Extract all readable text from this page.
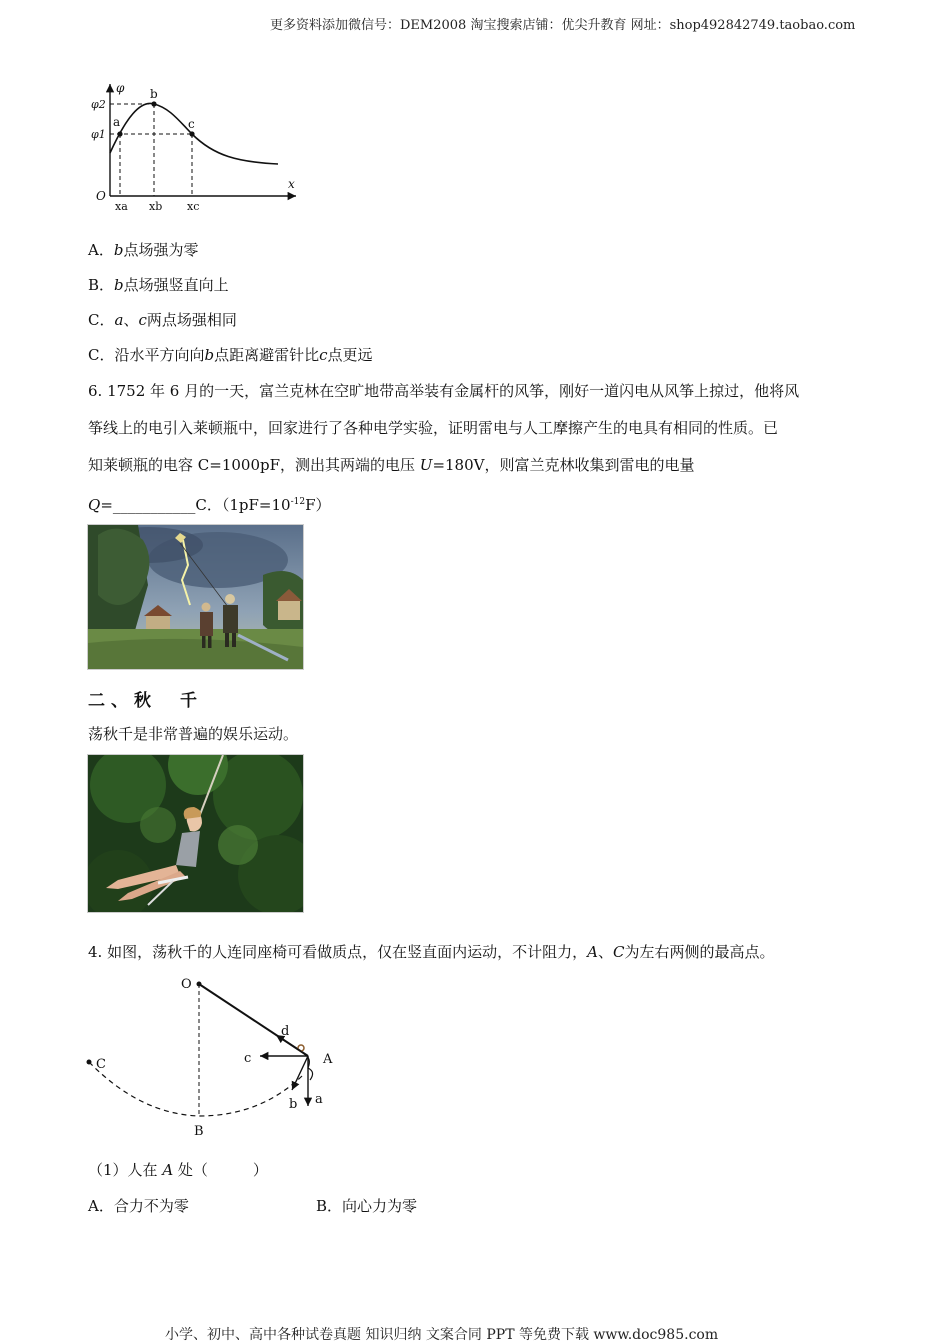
更多资料添加微信号：DEM2008 淘宝搜索店铺：优尖升教育 网址：shop492842749.taobao.com
φ
x
O
φ2
φ1
a
b
c
xa xb xc
A．b点场强为零
B．b点场强竖直向上
C．a、c两点场强相同
C．沿水平方向向b点距离避雷针比c点更远
6. 1752 年 6 月的一天，富兰克林在空旷地带高举装有金属杆的风筝，刚好一道闪电从风筝上掠过，他将风
筝线上的电引入莱顿瓶中，回家进行了各种电学实验，证明雷电与人工摩擦产生的电具有相同的性质。已
知莱顿瓶的电容 C=1000pF，测出其两端的电压 U=180V，则富兰克林收集到雷电的电量
Q=___________C．$(1pF=10^{-12}F)$
二、秋　千
荡秋千是非常普遍的娱乐运动。
4. 如图，荡秋千的人连同座椅可看做质点，仅在竖直面内运动，不计阻力，A、C为左右两侧的最高点。
O
A
B
C
a
b
c
d
（1）人在 A 处（　　　）
A．合力不为零	B．向心力为零
小学、初中、高中各种试卷真题 知识归纳 文案合同 PPT 等免费下载 www.doc985.com
